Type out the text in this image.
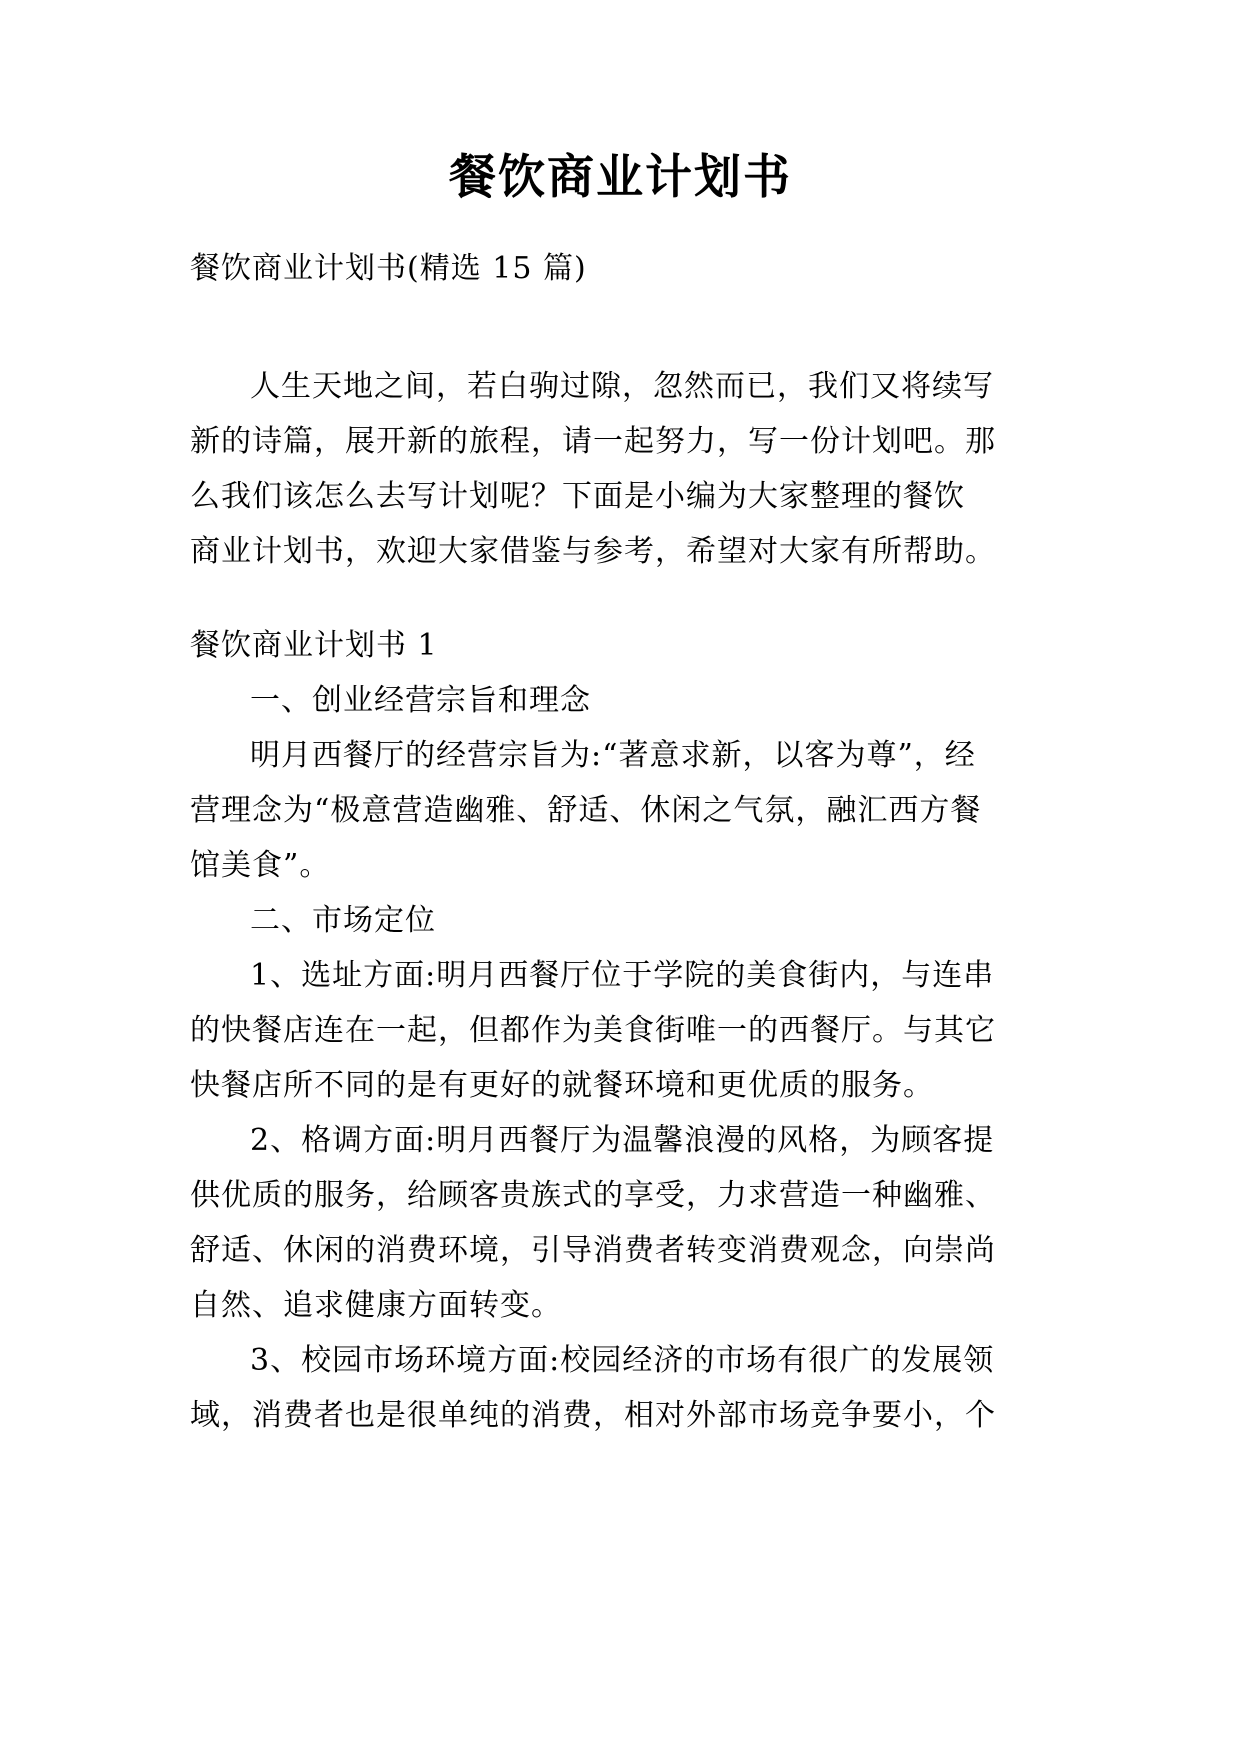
餐饮商业计划书
餐饮商业计划书(精选 15 篇)
人生天地之间，若白驹过隙，忽然而已，我们又将续写
新的诗篇，展开新的旅程，请一起努力，写一份计划吧。那
么我们该怎么去写计划呢？下面是小编为大家整理的餐饮
商业计划书，欢迎大家借鉴与参考，希望对大家有所帮助。
餐饮商业计划书 1
一、创业经营宗旨和理念
明月西餐厅的经营宗旨为:“著意求新，以客为尊”，经
营理念为“极意营造幽雅、舒适、休闲之气氛，融汇西方餐
馆美食”。
二、市场定位
1、选址方面:明月西餐厅位于学院的美食街内，与连串
的快餐店连在一起，但都作为美食街唯一的西餐厅。与其它
快餐店所不同的是有更好的就餐环境和更优质的服务。
2、格调方面:明月西餐厅为温馨浪漫的风格，为顾客提
供优质的服务，给顾客贵族式的享受，力求营造一种幽雅、
舒适、休闲的消费环境，引导消费者转变消费观念，向崇尚
自然、追求健康方面转变。
3、校园市场环境方面:校园经济的市场有很广的发展领
域，消费者也是很单纯的消费，相对外部市场竞争要小，个
